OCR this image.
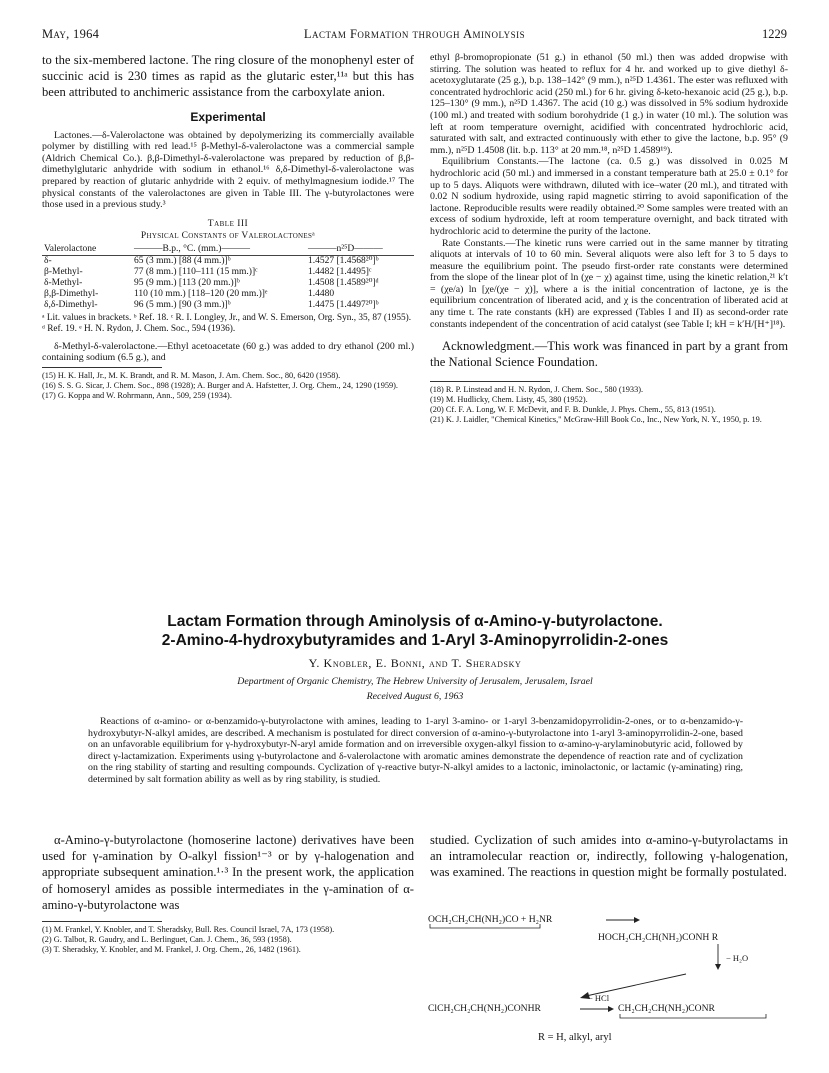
May, 1964	Lactam Formation through Aminolysis	1229

to the six-membered lactone. The ring closure of the monophenyl ester of succinic acid is 230 times as rapid as the glutaric ester,¹¹ᵃ but this has been attributed to anchimeric assistance from the carboxylate anion.

Experimental

Lactones.—δ-Valerolactone was obtained by depolymerizing its commercially available polymer by distilling with red lead.¹⁵ β-Methyl-δ-valerolactone was a commercial sample (Aldrich Chemical Co.). β,β-Dimethyl-δ-valerolactone was prepared by reduction of β,β-dimethylglutaric anhydride with sodium in ethanol.¹⁶ δ,δ-Dimethyl-δ-valerolactone was prepared by reaction of glutaric anhydride with 2 equiv. of methylmagnesium iodide.¹⁷ The physical constants of the valerolactones are given in Table III. The γ-butyrolactones were those used in a previous study.³

Table III
Physical Constants of Valerolactonesᵃ
Valerolactone	———B.p., °C. (mm.)———	———n²⁵D———
δ-	65 (3 mm.) [88 (4 mm.)]ᵇ	1.4527 [1.4568²⁰]ᵇ
β-Methyl-	77 (8 mm.) [110–111 (15 mm.)]ᶜ	1.4482 [1.4495]ᶜ
δ-Methyl-	95 (9 mm.) [113 (20 mm.)]ᵇ	1.4508 [1.4589²⁰]ᵈ
β,β-Dimethyl-	110 (10 mm.) [118–120 (20 mm.)]ᵉ	1.4480
δ,δ-Dimethyl-	96 (5 mm.) [90 (3 mm.)]ᵇ	1.4475 [1.4497²⁰]ᵇ

ᵃ Lit. values in brackets. ᵇ Ref. 18. ᶜ R. I. Longley, Jr., and W. S. Emerson, Org. Syn., 35, 87 (1955). ᵈ Ref. 19. ᵉ H. N. Rydon, J. Chem. Soc., 594 (1936).

δ-Methyl-δ-valerolactone.—Ethyl acetoacetate (60 g.) was added to dry ethanol (200 ml.) containing sodium (6.5 g.), and

(15) H. K. Hall, Jr., M. K. Brandt, and R. M. Mason, J. Am. Chem. Soc., 80, 6420 (1958).

(16) S. S. G. Sicar, J. Chem. Soc., 898 (1928); A. Burger and A. Hafstetter, J. Org. Chem., 24, 1290 (1959).

(17) G. Koppa and W. Rohrmann, Ann., 509, 259 (1934).

ethyl β-bromopropionate (51 g.) in ethanol (50 ml.) then was added dropwise with stirring. The solution was heated to reflux for 4 hr. and worked up to give diethyl δ-acetoxyglutarate (25 g.), b.p. 138–142° (9 mm.), n²⁵D 1.4361. The ester was refluxed with concentrated hydrochloric acid (250 ml.) for 6 hr. giving δ-keto-hexanoic acid (25 g.), b.p. 125–130° (9 mm.), n²⁵D 1.4367. The acid (10 g.) was dissolved in 5% sodium hydroxide (100 ml.) and treated with sodium borohydride (1 g.) in water (10 ml.). The solution was left at room temperature overnight, acidified with concentrated hydrochloric acid, saturated with salt, and extracted continuously with ether to give the lactone, b.p. 95° (9 mm.), n²⁵D 1.4508 (lit. b.p. 113° at 20 mm.¹⁸, n²⁵D 1.4589¹⁹).

Equilibrium Constants.—The lactone (ca. 0.5 g.) was dissolved in 0.025 M hydrochloric acid (50 ml.) and immersed in a constant temperature bath at 25.0 ± 0.1° for up to 5 days. Aliquots were withdrawn, diluted with ice–water (20 ml.), and titrated with 0.02 N sodium hydroxide, using rapid magnetic stirring to avoid saponification of the lactone. Reproducible results were readily obtained.²⁰ Some samples were treated with an excess of sodium hydroxide, left at room temperature overnight, and back titrated with hydrochloric acid to determine the purity of the lactone.

Rate Constants.—The kinetic runs were carried out in the same manner by titrating aliquots at intervals of 10 to 60 min. Several aliquots were also left for 3 to 5 days to measure the equilibrium point. The pseudo first-order rate constants were determined from the slope of the linear plot of ln (χe − χ) against time, using the kinetic relation,²¹ k′t = (χe/a) ln [χe/(χe − χ)], where a is the initial concentration of lactone, χe is the equilibrium concentration of liberated acid, and χ is the concentration of liberated acid at any time t. The rate constants (kH) are expressed (Tables I and II) as second-order rate constants independent of the concentration of acid catalyst (see Table I; kH = k′H/[H⁺]¹⁸).

Acknowledgment.—This work was financed in part by a grant from the National Science Foundation.

(18) R. P. Linstead and H. N. Rydon, J. Chem. Soc., 580 (1933).

(19) M. Hudlicky, Chem. Listy, 45, 380 (1952).

(20) Cf. F. A. Long, W. F. McDevit, and F. B. Dunkle, J. Phys. Chem., 55, 813 (1951).

(21) K. J. Laidler, "Chemical Kinetics," McGraw-Hill Book Co., Inc., New York, N. Y., 1950, p. 19.

Lactam Formation through Aminolysis of α-Amino-γ-butyrolactone.
2-Amino-4-hydroxybutyramides and 1-Aryl 3-Aminopyrrolidin-2-ones
Y. Knobler, E. Bonni, and T. Sheradsky
Department of Organic Chemistry, The Hebrew University of Jerusalem, Jerusalem, Israel
Received August 6, 1963

Reactions of α-amino- or α-benzamido-γ-butyrolactone with amines, leading to 1-aryl 3-amino- or 1-aryl 3-benzamidopyrrolidin-2-ones, or to α-benzamido-γ-hydroxybutyr-N-alkyl amides, are described. A mechanism is postulated for direct conversion of α-amino-γ-butyrolactone into 1-aryl 3-aminopyrrolidin-2-one, based on an unfavorable equilibrium for γ-hydroxybutyr-N-aryl amide formation and on irreversible oxygen-alkyl fission to α-amino-γ-arylaminobutyric acid, followed by direct γ-lactamization. Experiments using γ-butyrolactone and δ-valerolactone with aromatic amines demonstrate the dependence of reaction rate and of cyclization on the ring stability of starting and resulting compounds. Cyclization of γ-reactive butyr-N-alkyl amides to a lactonic, iminolactonic, or lactamic (γ-aminating) ring, determined by salt formation ability as well as by ring stability, is studied.

α-Amino-γ-butyrolactone (homoserine lactone) derivatives have been used for γ-amination by O-alkyl fission¹⁻³ or by γ-halogenation and appropriate subsequent amination.¹·³ In the present work, the application of homoseryl amides as possible intermediates in the γ-amination of α-amino-γ-butyrolactone was

(1) M. Frankel, Y. Knobler, and T. Sheradsky, Bull. Res. Council Israel, 7A, 173 (1958).

(2) G. Talbot, R. Gaudry, and L. Berlinguet, Can. J. Chem., 36, 593 (1958).

(3) T. Sheradsky, Y. Knobler, and M. Frankel, J. Org. Chem., 26, 1482 (1961).

studied. Cyclization of such amides into α-amino-γ-butyrolactams in an intramolecular reaction or, indirectly, following γ-halogenation, was examined. The reactions in question might be formally postulated.

OCH₂CH₂CH(NH₂)CO + H₂NR
HOCH₂CH₂CH(NH₂)CONH R
− H₂O
− HCl
ClCH₂CH₂CH(NH₂)CONHR	CH₂CH₂CH(NH₂)CONR
R = H, alkyl, aryl
